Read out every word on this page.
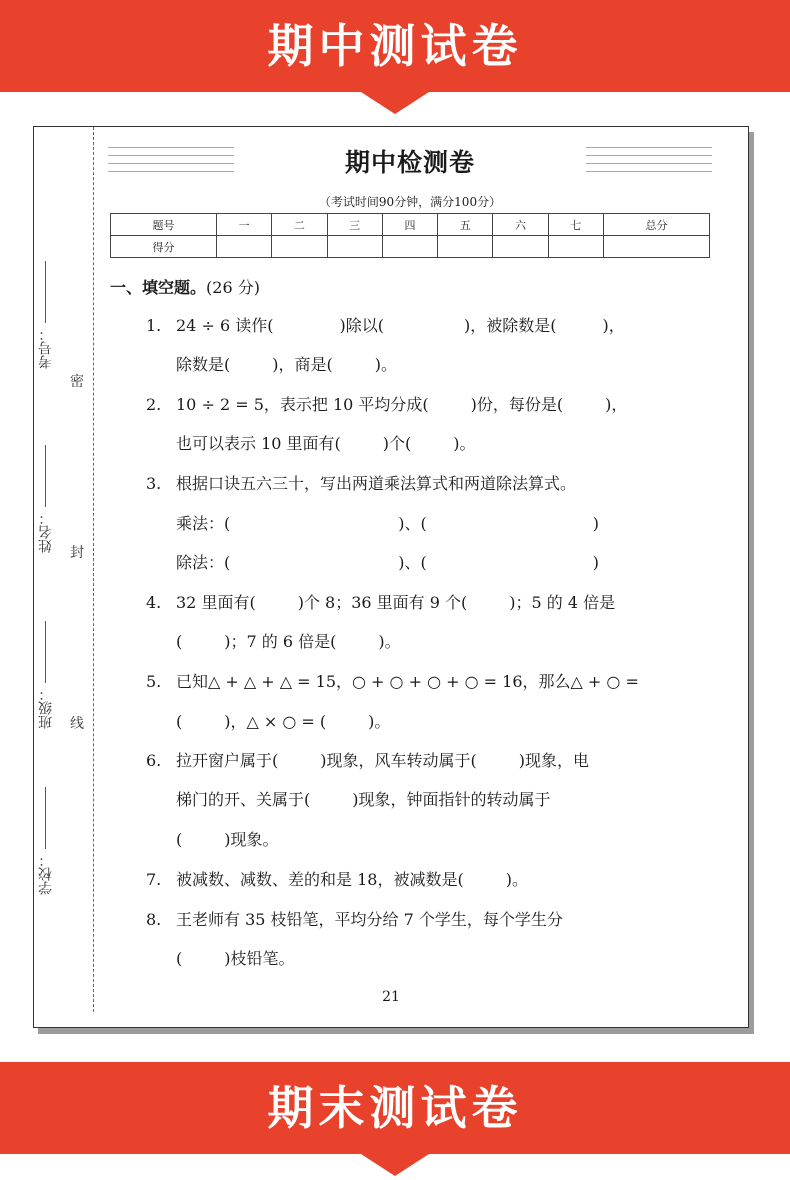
期中测试卷
考号：
姓名：
班级：
学校：
密
封
线
期中检测卷
（考试时间90分钟，满分100分）
题号	一	二	三	四	五	六	七	总分
得分								
一、填空题。(26 分)
1. 24 ÷ 6 读作(	)除以(	)，被除数是(	)，
除数是(	)，商是(	)。
2. 10 ÷ 2 = 5，表示把 10 平均分成(	)份，每份是(	)，
也可以表示 10 里面有(	)个(	)。
3. 根据口诀五六三十，写出两道乘法算式和两道除法算式。
乘法：(	)、(	)
除法：(	)、(	)
4. 32 里面有(	)个 8；36 里面有 9 个(	)；5 的 4 倍是
(	)；7 的 6 倍是(	)。
5. 已知△ + △ + △ = 15，○ + ○ + ○ + ○ = 16，那么△ + ○ =
(	)，△ × ○ = (	)。
6. 拉开窗户属于(	)现象，风车转动属于(	)现象，电
梯门的开、关属于(	)现象，钟面指针的转动属于
(	)现象。
7. 被减数、减数、差的和是 18，被减数是(	)。
8. 王老师有 35 枝铅笔，平均分给 7 个学生，每个学生分
(	)枝铅笔。
21
期末测试卷
